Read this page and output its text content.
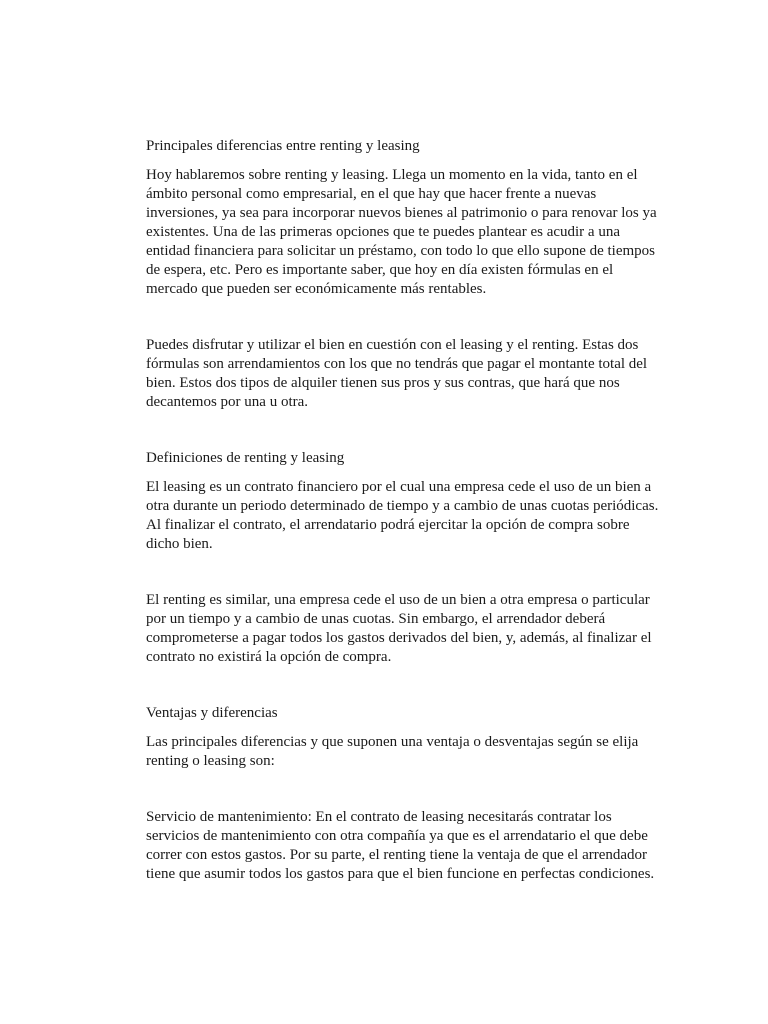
Principales diferencias entre renting y leasing

Hoy hablaremos sobre renting y leasing. Llega un momento en la vida, tanto en el ámbito personal como empresarial, en el que hay que hacer frente a nuevas inversiones, ya sea para incorporar nuevos bienes al patrimonio o para renovar los ya existentes. Una de las primeras opciones que te puedes plantear es acudir a una entidad financiera para solicitar un préstamo, con todo lo que ello supone de tiempos de espera, etc. Pero es importante saber, que hoy en día existen fórmulas en el mercado que pueden ser económicamente más rentables.

Puedes disfrutar y utilizar el bien en cuestión con el leasing y el renting. Estas dos fórmulas son arrendamientos con los que no tendrás que pagar el montante total del bien. Estos dos tipos de alquiler tienen sus pros y sus contras, que hará que nos decantemos por una u otra.

Definiciones de renting y leasing

El leasing es un contrato financiero por el cual una empresa cede el uso de un bien a otra durante un periodo determinado de tiempo y a cambio de unas cuotas periódicas. Al finalizar el contrato, el arrendatario podrá ejercitar la opción de compra sobre dicho bien.

El renting es similar, una empresa cede el uso de un bien a otra empresa o particular por un tiempo y a cambio de unas cuotas. Sin embargo, el arrendador deberá comprometerse a pagar todos los gastos derivados del bien, y, además, al finalizar el contrato no existirá la opción de compra.

Ventajas y diferencias

Las principales diferencias y que suponen una ventaja o desventajas según se elija renting o leasing son:

Servicio de mantenimiento: En el contrato de leasing necesitarás contratar los servicios de mantenimiento con otra compañía ya que es el arrendatario el que debe correr con estos gastos. Por su parte, el renting tiene la ventaja de que el arrendador tiene que asumir todos los gastos para que el bien funcione en perfectas condiciones.
